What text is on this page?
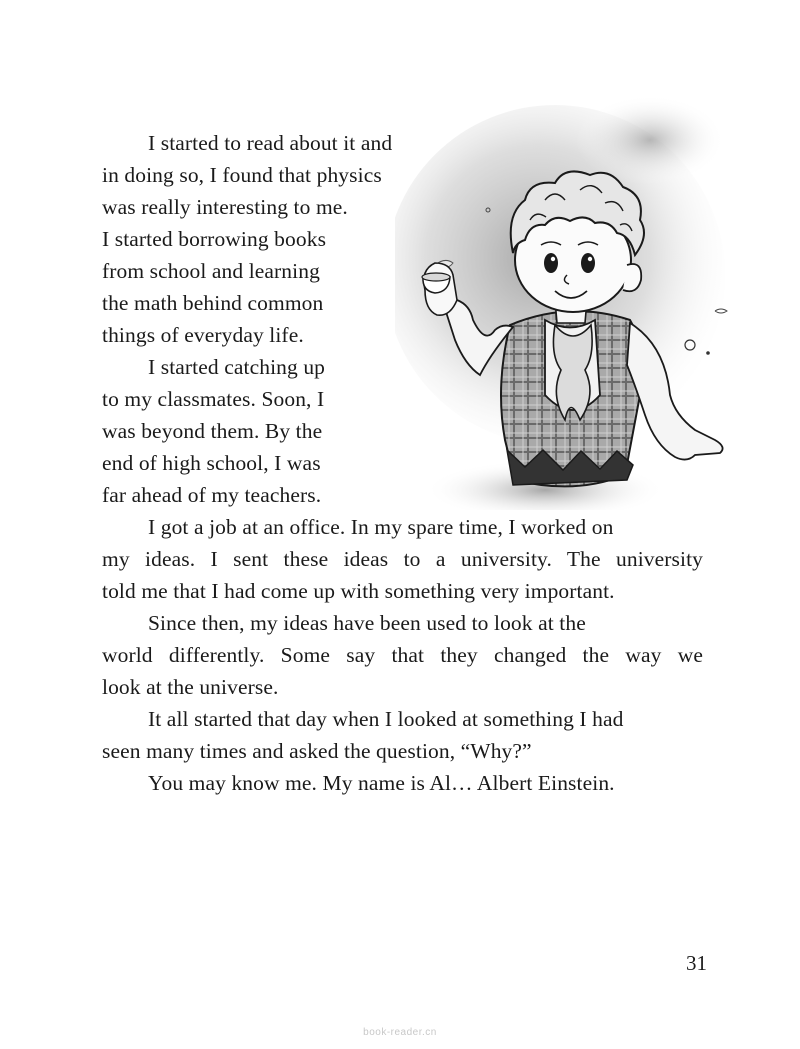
I started to read about it and
in doing so, I found that physics
was really interesting to me.
I started borrowing books
from school and learning
the math behind common
things of everyday life.
I started catching up
to my classmates. Soon, I
was beyond them. By the
end of high school, I was
far ahead of my teachers.
I got a job at an office. In my spare time, I worked on
my ideas. I sent these ideas to a university. The university
told me that I had come up with something very important.
Since then, my ideas have been used to look at the
world differently. Some say that they changed the way we
look at the universe.
It all started that day when I looked at something I had
seen many times and asked the question, “Why?”
You may know me. My name is Al… Albert Einstein.
31
book-reader.cn
